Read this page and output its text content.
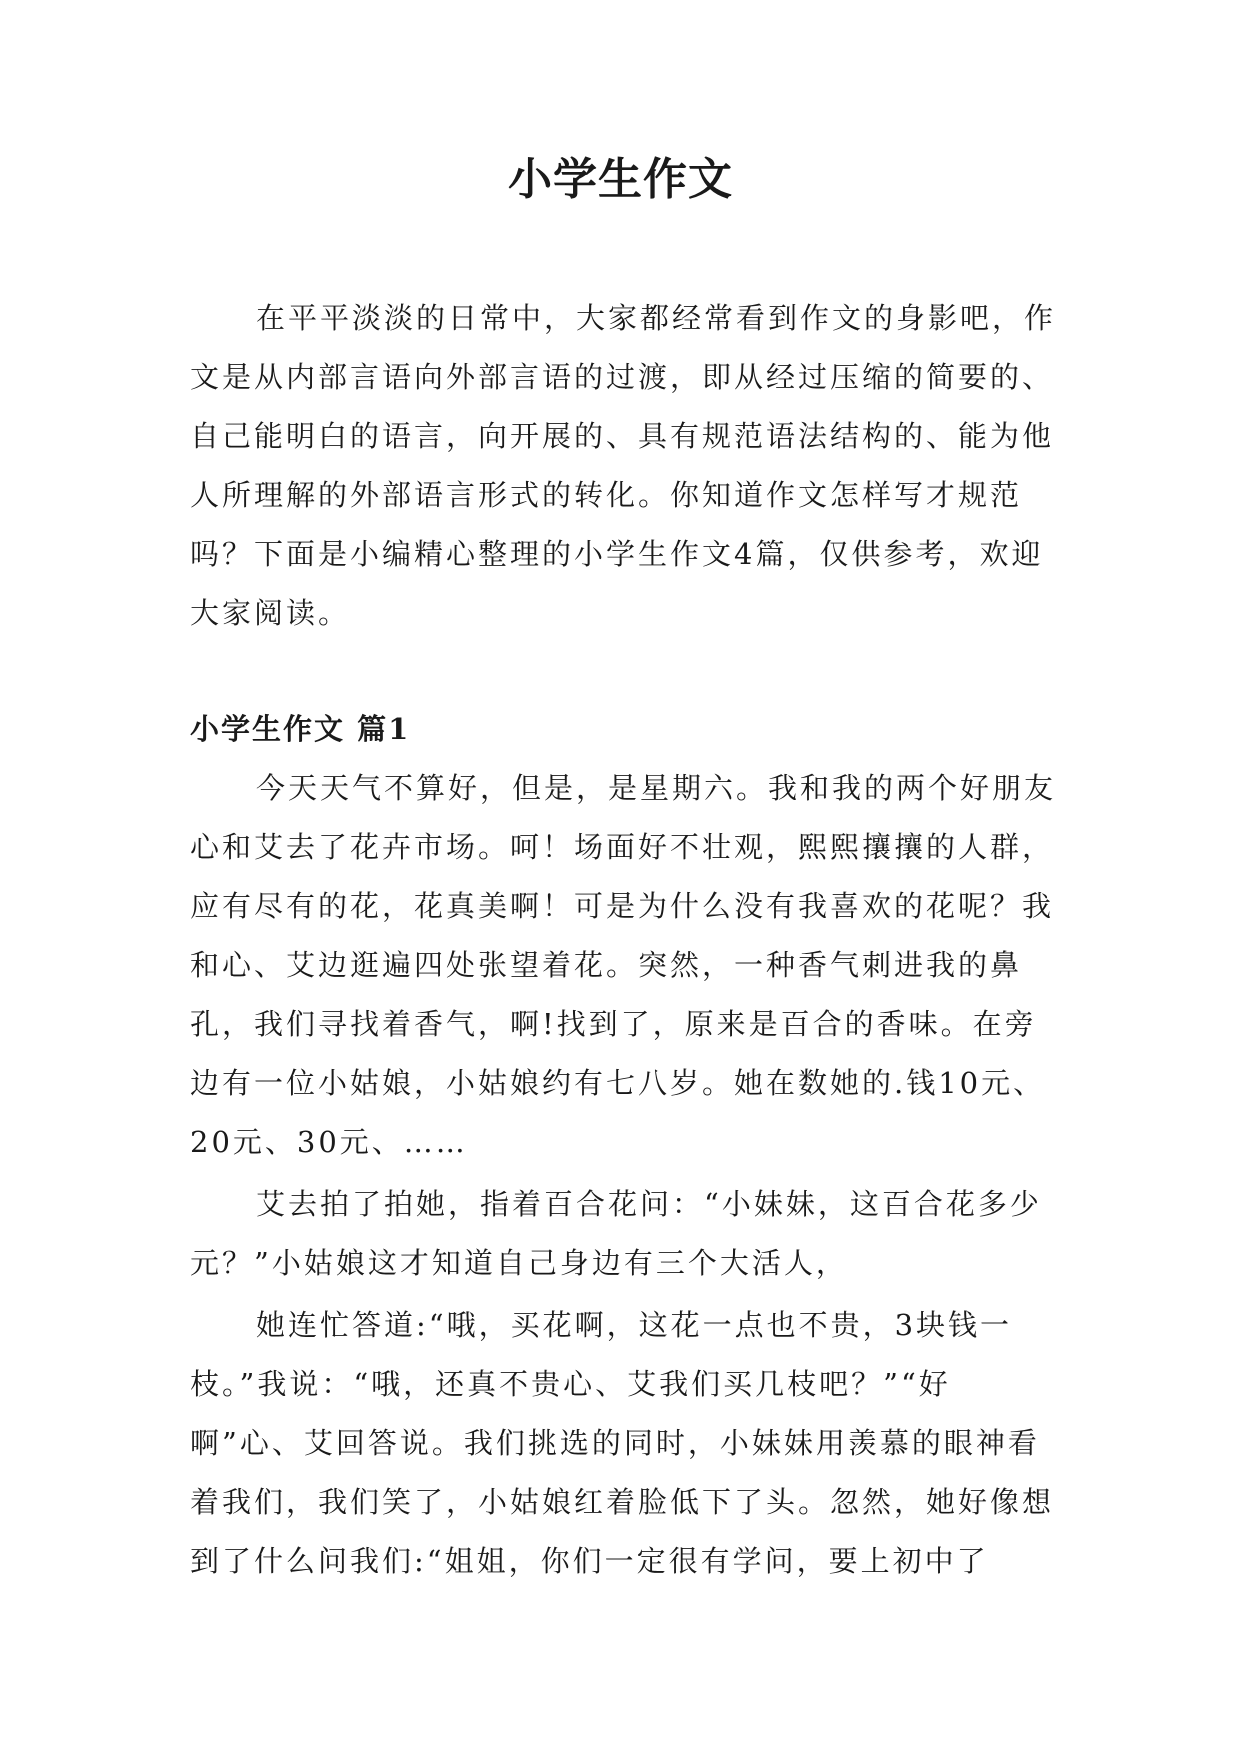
小学生作文

在平平淡淡的日常中，大家都经常看到作文的身影吧，作文是从内部言语向外部言语的过渡，即从经过压缩的简要的、自己能明白的语言，向开展的、具有规范语法结构的、能为他人所理解的外部语言形式的转化。你知道作文怎样写才规范吗？下面是小编精心整理的小学生作文4篇，仅供参考，欢迎大家阅读。

小学生作文 篇1

今天天气不算好，但是，是星期六。我和我的两个好朋友心和艾去了花卉市场。呵！场面好不壮观，熙熙攘攘的人群，应有尽有的花，花真美啊！可是为什么没有我喜欢的花呢？我和心、艾边逛遍四处张望着花。突然，一种香气刺进我的鼻孔，我们寻找着香气，啊!找到了，原来是百合的香味。在旁边有一位小姑娘，小姑娘约有七八岁。她在数她的.钱10元、20元、30元、……

艾去拍了拍她，指着百合花问：“小妹妹，这百合花多少元？”小姑娘这才知道自己身边有三个大活人，

她连忙答道:“哦，买花啊，这花一点也不贵，3块钱一枝。”我说：“哦，还真不贵心、艾我们买几枝吧？”“好啊”心、艾回答说。我们挑选的同时，小妹妹用羡慕的眼神看着我们，我们笑了，小姑娘红着脸低下了头。忽然，她好像想到了什么问我们:“姐姐，你们一定很有学问，要上初中了
